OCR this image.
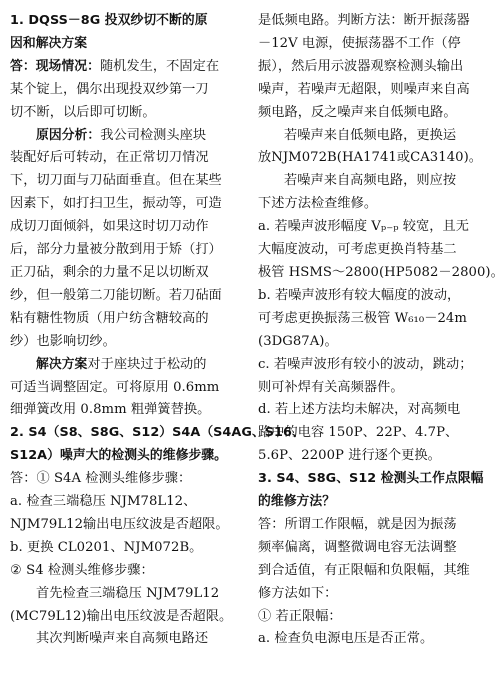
1. DQSS－8G 投双纱切不断的原
因和解决方案
答：现场情况：随机发生，不固定在
某个锭上，偶尔出现投双纱第一刀
切不断，以后即可切断。
原因分析：我公司检测头座块
装配好后可转动，在正常切刀情况
下，切刀面与刀砧面垂直。但在某些
因素下，如打扫卫生，振动等，可造
成切刀面倾斜，如果这时切刀动作
后，部分力量被分散到用于矫（打）
正刀砧，剩余的力量不足以切断双
纱，但一般第二刀能切断。若刀砧面
粘有糖性物质（用户纺含糖较高的
纱）也影响切纱。
解决方案对于座块过于松动的
可适当调整固定。可将原用 0.6mm
细弹簧改用 0.8mm 粗弹簧替换。
2. S4（S8、S8G、S12）S4A（S4AG、S16、
S12A）噪声大的检测头的维修步骤。
答：① S4A 检测头维修步骤：
a. 检查三端稳压 NJM78L12、
NJM79L12输出电压纹波是否超限。
b. 更换 CL0201、NJM072B。
② S4 检测头维修步骤：
首先检查三端稳压 NJM79L12
(MC79L12)输出电压纹波是否超限。
其次判断噪声来自高频电路还
是低频电路。判断方法：断开振荡器
－12V 电源，使振荡器不工作（停
振），然后用示波器观察检测头输出
噪声，若噪声无超限，则噪声来自高
频电路，反之噪声来自低频电路。
若噪声来自低频电路，更换运
放NJM072B(HA1741或CA3140)。
若噪声来自高频电路，则应按
下述方法检查维修。
a. 若噪声波形幅度 Vₚ₋ₚ 较宽，且无
大幅度波动，可考虑更换肖特基二
极管 HSMS～2800(HP5082－2800)。
b. 若噪声波形有较大幅度的波动，
可考虑更换振荡三极管 W₆₁₀－24m
(3DG87A)。
c. 若噪声波形有较小的波动，跳动；
则可补焊有关高频器件。
d. 若上述方法均未解决，对高频电
路中的电容 150P、22P、4.7P、
5.6P、2200P 进行逐个更换。
3. S4、S8G、S12 检测头工作点限幅
的维修方法？
答：所谓工作限幅，就是因为振荡
频率偏离，调整微调电容无法调整
到合适值，有正限幅和负限幅，其维
修方法如下：
① 若正限幅：
a. 检查负电源电压是否正常。
